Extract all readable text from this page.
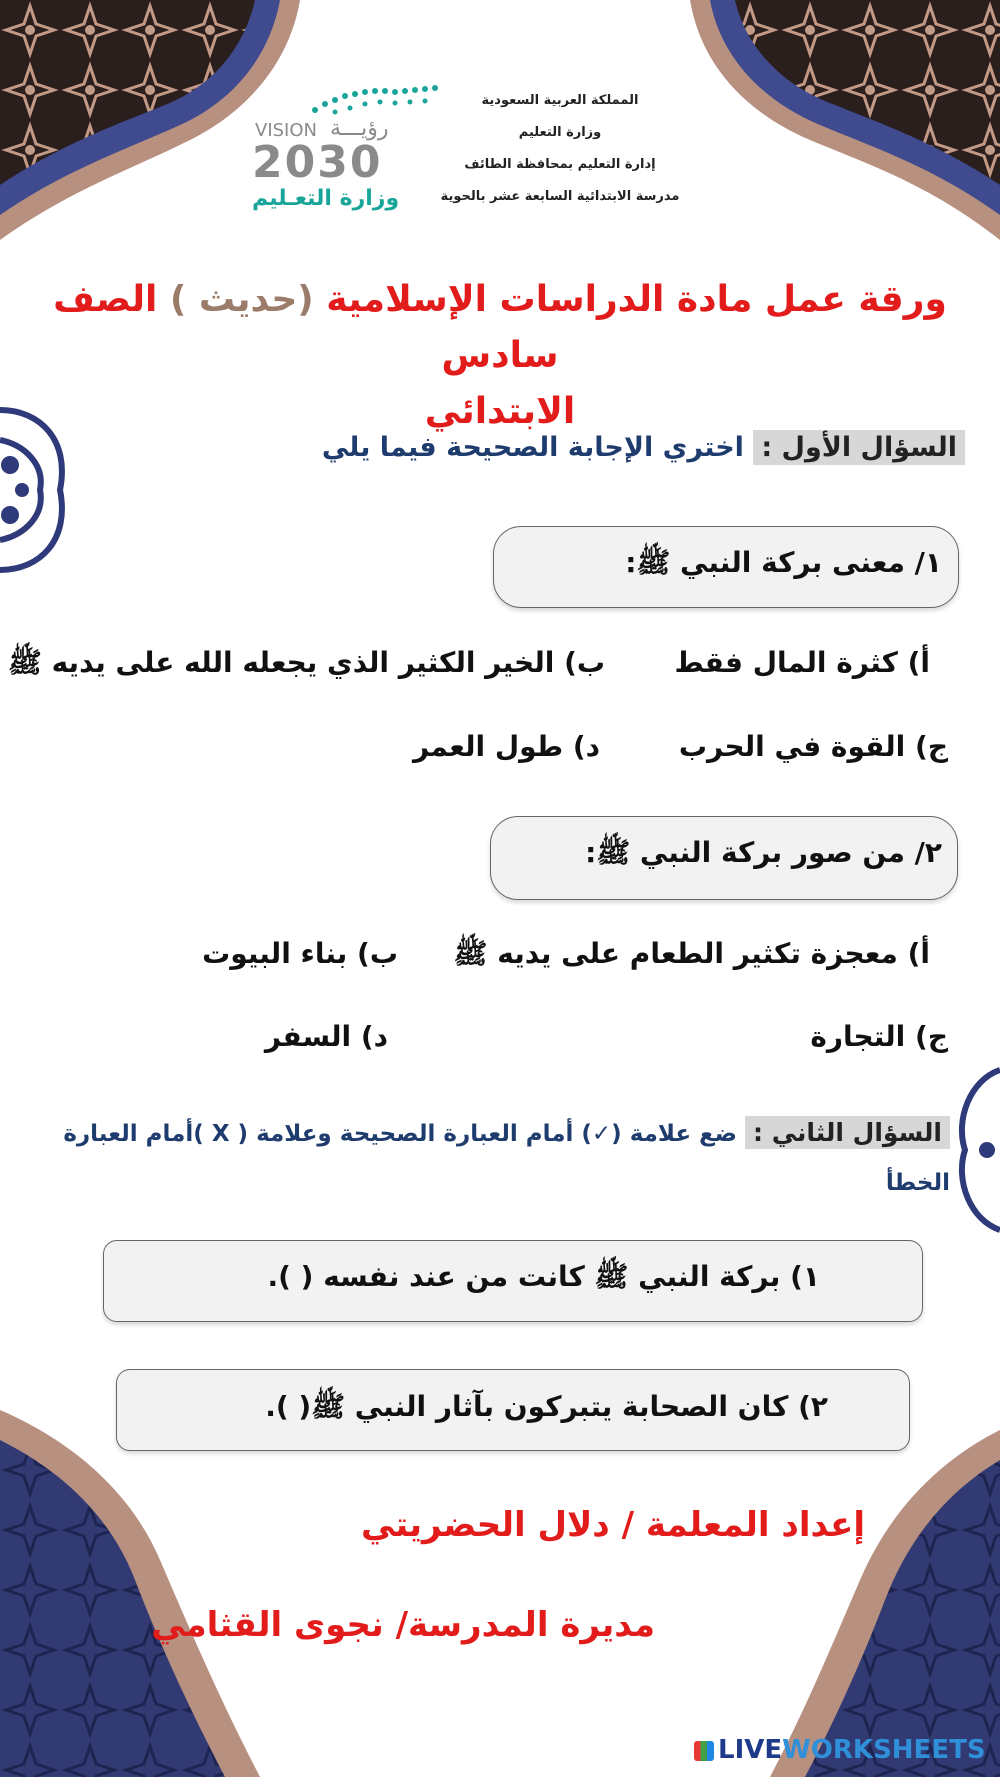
VISION رؤيـــة
2030
وزارة التعـليم
المملكة العربية السعودية
وزارة التعليم
إدارة التعليم بمحافظة الطائف
مدرسة الابتدائية السابعة عشر بالحوية
ورقة عمل مادة الدراسات الإسلامية (حديث ) الصف سادس
الابتدائي
السؤال الأول : اختري الإجابة الصحيحة فيما يلي
١/ معنى بركة النبي ﷺ:
أ) كثرة المال فقط
ب) الخير الكثير الذي يجعله الله على يديه ﷺ
ج) القوة في الحرب
د) طول العمر
٢/ من صور بركة النبي ﷺ:
أ) معجزة تكثير الطعام على يديه ﷺ
ب) بناء البيوت
ج) التجارة
د) السفر
السؤال الثاني : ضع علامة (✓) أمام العبارة الصحيحة وعلامة ( X )أمام العبارة
الخطأ
١) بركة النبي ﷺ كانت من عند نفسه ( ).
٢) كان الصحابة يتبركون بآثار النبي ﷺ( ).
إعداد المعلمة / دلال الحضريتي
مديرة المدرسة/ نجوى القثامي
LIVEWORKSHEETS
